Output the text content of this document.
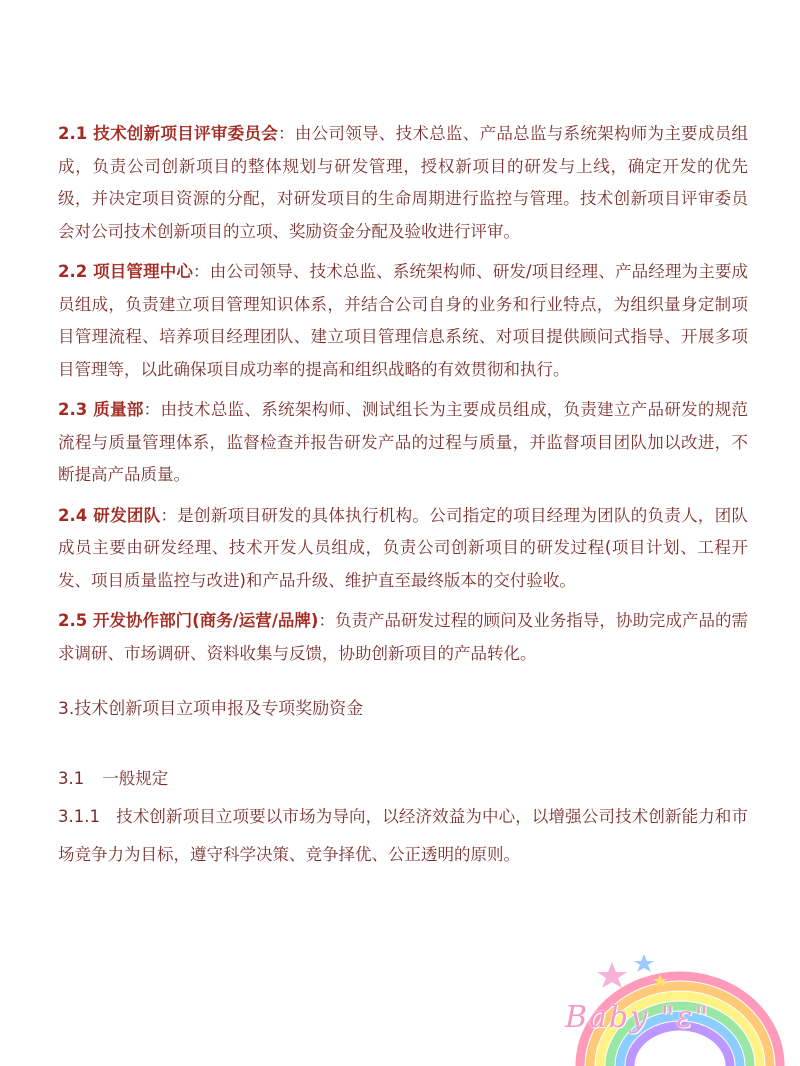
2.1 技术创新项目评审委员会：由公司领导、技术总监、产品总监与系统架构师为主要成员组成，负责公司创新项目的整体规划与研发管理，授权新项目的研发与上线，确定开发的优先级，并决定项目资源的分配，对研发项目的生命周期进行监控与管理。技术创新项目评审委员会对公司技术创新项目的立项、奖励资金分配及验收进行评审。

2.2 项目管理中心：由公司领导、技术总监、系统架构师、研发/项目经理、产品经理为主要成员组成，负责建立项目管理知识体系，并结合公司自身的业务和行业特点，为组织量身定制项目管理流程、培养项目经理团队、建立项目管理信息系统、对项目提供顾问式指导、开展多项目管理等，以此确保项目成功率的提高和组织战略的有效贯彻和执行。

2.3 质量部：由技术总监、系统架构师、测试组长为主要成员组成，负责建立产品研发的规范流程与质量管理体系，监督检查并报告研发产品的过程与质量，并监督项目团队加以改进，不断提高产品质量。

2.4 研发团队：是创新项目研发的具体执行机构。公司指定的项目经理为团队的负责人，团队成员主要由研发经理、技术开发人员组成，负责公司创新项目的研发过程(项目计划、工程开发、项目质量监控与改进)和产品升级、维护直至最终版本的交付验收。

2.5 开发协作部门(商务/运营/品牌)：负责产品研发过程的顾问及业务指导，协助完成产品的需求调研、市场调研、资料收集与反馈，协助创新项目的产品转化。

3.技术创新项目立项申报及专项奖励资金
3.1 一般规定

3.1.1 技术创新项目立项要以市场为导向，以经济效益为中心，以增强公司技术创新能力和市场竞争力为目标，遵守科学决策、竞争择优、公正透明的原则。

Baby "ε"
